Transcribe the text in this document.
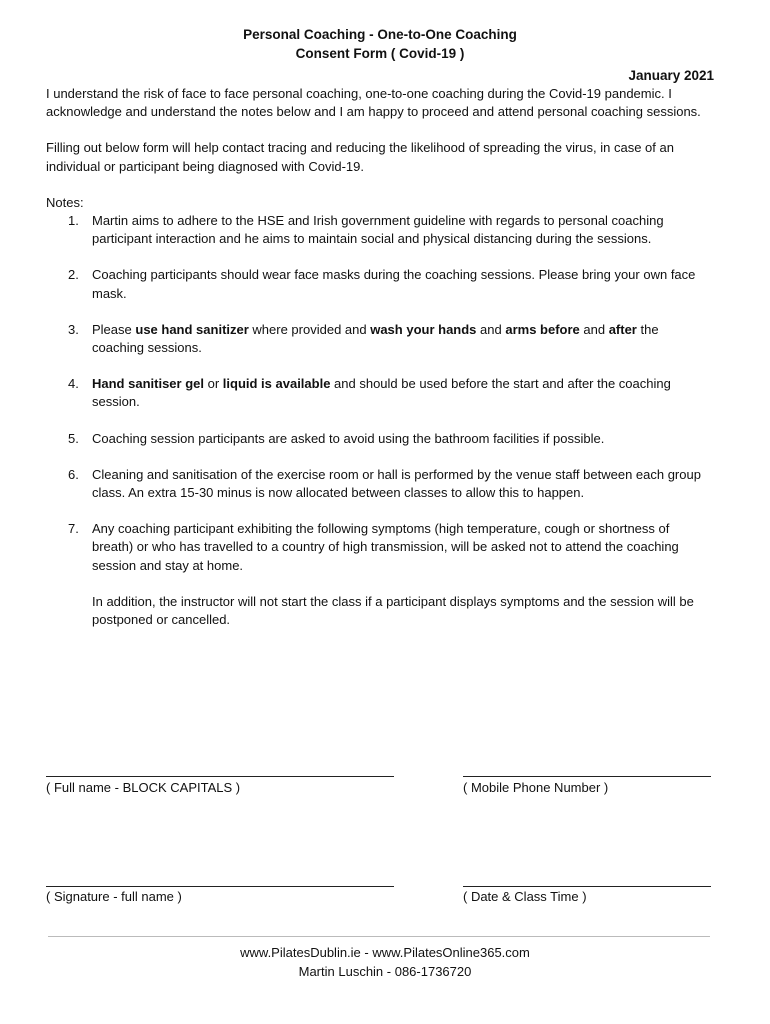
Personal Coaching - One-to-One Coaching
Consent Form ( Covid-19 )
January 2021

I understand the risk of face to face personal coaching, one-to-one coaching during the Covid-19 pandemic. I acknowledge and understand the notes below and I am happy to proceed and attend personal coaching sessions.

Filling out below form will help contact tracing and reducing the likelihood of spreading the virus, in case of an individual or participant being diagnosed with Covid-19.

Notes:
1. Martin aims to adhere to the HSE and Irish government guideline with regards to personal coaching participant interaction and he aims to maintain social and physical distancing during the sessions.
2. Coaching participants should wear face masks during the coaching sessions. Please bring your own face mask.
3. Please use hand sanitizer where provided and wash your hands and arms before and after the coaching sessions.
4. Hand sanitiser gel or liquid is available and should be used before the start and after the coaching session.
5. Coaching session participants are asked to avoid using the bathroom facilities if possible.
6. Cleaning and sanitisation of the exercise room or hall is performed by the venue staff between each group class. An extra 15-30 minus is now allocated between classes to allow this to happen.
7. Any coaching participant exhibiting the following symptoms (high temperature, cough or shortness of breath) or who has travelled to a country of high transmission, will be asked not to attend the coaching session and stay at home.
In addition, the instructor will not start the class if a participant displays symptoms and the session will be postponed or cancelled.
( Full name - BLOCK CAPITALS )	( Mobile Phone Number )
( Signature - full name )	( Date & Class Time )
www.PilatesDublin.ie - www.PilatesOnline365.com
Martin Luschin - 086-1736720
